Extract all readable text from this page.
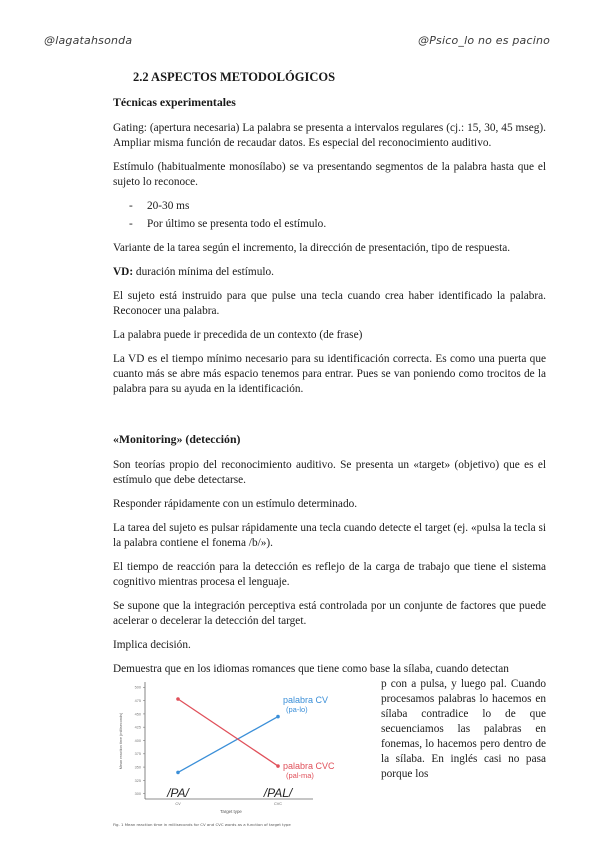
@lagatahsonda	@Psico_lo no es pacino
2.2 ASPECTOS METODOLÓGICOS
Técnicas experimentales

Gating: (apertura necesaria) La palabra se presenta a intervalos regulares (cj.: 15, 30, 45 mseg). Ampliar misma función de recaudar datos. Es especial del reconocimiento auditivo.

Estímulo (habitualmente monosílabo) se va presentando segmentos de la palabra hasta que el sujeto lo reconoce.

- 20-30 ms
- Por último se presenta todo el estímulo.

Variante de la tarea según el incremento, la dirección de presentación, tipo de respuesta.

VD: duración mínima del estímulo.

El sujeto está instruido para que pulse una tecla cuando crea haber identificado la palabra. Reconocer una palabra.

La palabra puede ir precedida de un contexto (de frase)

La VD es el tiempo mínimo necesario para su identificación correcta. Es como una puerta que cuanto más se abre más espacio tenemos para entrar. Pues se van poniendo como trocitos de la palabra para su ayuda en la identificación.

«Monitoring» (detección)

Son teorías propio del reconocimiento auditivo. Se presenta un «target» (objetivo) que es el estímulo que debe detectarse.

Responder rápidamente con un estímulo determinado.

La tarea del sujeto es pulsar rápidamente una tecla cuando detecte el target (ej. «pulsa la tecla si la palabra contiene el fonema /b/»).

El tiempo de reacción para la detección es reflejo de la carga de trabajo que tiene el sistema cognitivo mientras procesa el lenguaje.

Se supone que la integración perceptiva está controlada por un conjunte de factores que puede acelerar o decelerar la detección del target.

Implica decisión.

Demuestra que en los idiomas romances que tiene como base la sílaba, cuando detectan

300
325
350
375
400
425
450
475
500
Mean reaction time (milliseconds)
palabra CV
(pa-lo)
palabra CVC
(pal-ma)
/PA/
CV
/PAL/
CVC
Target type
Fig. 1 Mean reaction time in milliseconds for CV and CVC words as a function of target type

p con a pulsa, y luego pal. Cuando procesamos palabras lo hacemos en sílaba contradice lo de que secuenciamos las palabras en fonemas, lo hacemos pero dentro de la sílaba. En inglés casi no pasa porque los
